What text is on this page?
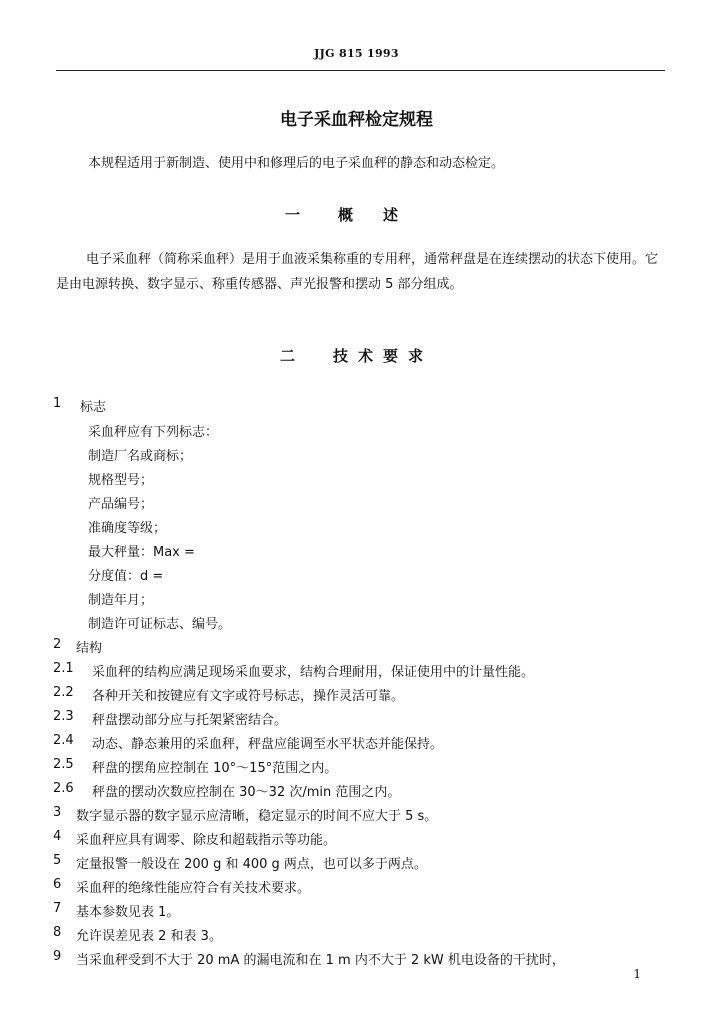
JJG 815 1993
电子采血秤检定规程
本规程适用于新制造、使用中和修理后的电子采血秤的静态和动态检定。
一	概述
电子采血秤（简称采血秤）是用于血液采集称重的专用秤，通常秤盘是在连续摆动的状态下使用。它是由电源转换、数字显示、称重传感器、声光报警和摆动 5 部分组成。
二	技术要求
1 标志
采血秤应有下列标志：
制造厂名或商标；
规格型号；
产品编号；
准确度等级；
最大秤量：Max =
分度值：d =
制造年月；
制造许可证标志、编号。
2 结构
2.1 采血秤的结构应满足现场采血要求，结构合理耐用，保证使用中的计量性能。
2.2 各种开关和按键应有文字或符号标志，操作灵活可靠。
2.3 秤盘摆动部分应与托架紧密结合。
2.4 动态、静态兼用的采血秤，秤盘应能调至水平状态并能保持。
2.5 秤盘的摆角应控制在 10°～15°范围之内。
2.6 秤盘的摆动次数应控制在 30～32 次/min 范围之内。
3 数字显示器的数字显示应清晰，稳定显示的时间不应大于 5 s。
4 采血秤应具有调零、除皮和超载指示等功能。
5 定量报警一般设在 200 g 和 400 g 两点，也可以多于两点。
6 采血秤的绝缘性能应符合有关技术要求。
7 基本参数见表 1。
8 允许误差见表 2 和表 3。
9 当采血秤受到不大于 20 mA 的漏电流和在 1 m 内不大于 2 kW 机电设备的干扰时，
1
